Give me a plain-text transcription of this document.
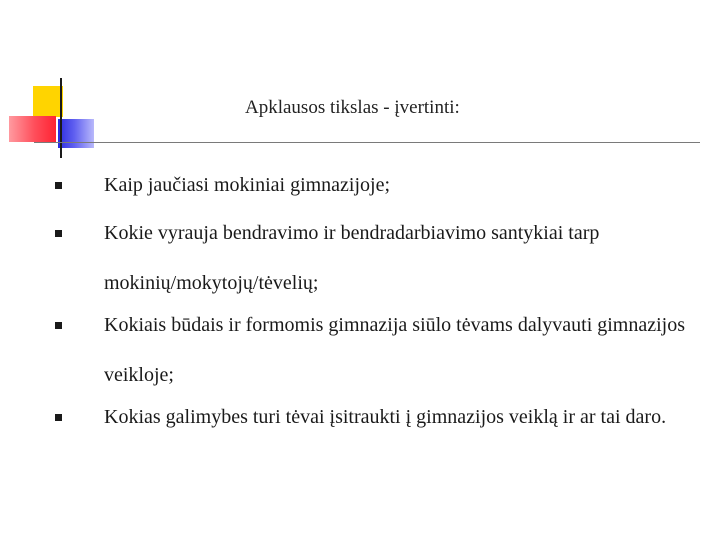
Apklausos tikslas - įvertinti:
Kaip jaučiasi mokiniai gimnazijoje;
Kokie vyrauja bendravimo ir bendradarbiavimo santykiai tarp mokinių/mokytojų/tėvelių;
Kokiais būdais ir formomis gimnazija siūlo tėvams dalyvauti gimnazijos veikloje;
Kokias galimybes turi tėvai įsitraukti į gimnazijos veiklą ir ar tai daro.
